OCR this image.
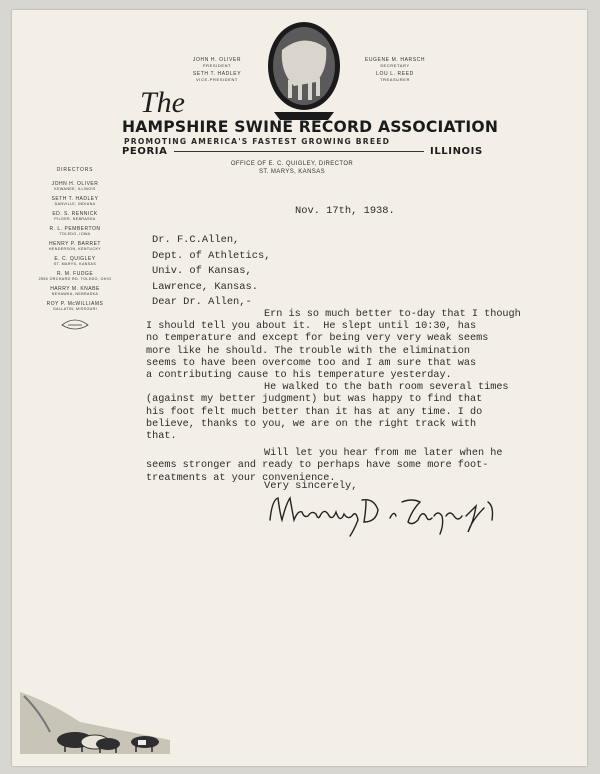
JOHN H. OLIVER
PRESIDENT
SETH T. HADLEY
VICE-PRESIDENT
EUGENE M. HARSCH
SECRETARY
LOU L. REED
TREASURER
The
HAMPSHIRE SWINE RECORD ASSOCIATION
PROMOTING AMERICA'S FASTEST GROWING BREED
PEORIA	ILLINOIS
OFFICE OF E. C. QUIGLEY, DIRECTOR
ST. MARYS, KANSAS
DIRECTORS
JOHN H. OLIVER
KEWANEE, ILLINOIS
SETH T. HADLEY
DANVILLE, INDIANA
ED. S. RENNICK
PILGER, NEBRASKA
R. L. PEMBERTON
TOLEDO, IOWA
HENRY P. BARRET
HENDERSON, KENTUCKY
E. C. QUIGLEY
ST. MARYS, KANSAS
R. M. FUDGE
2550 ORCHARD RD. TOLEDO, OHIO
HARRY M. KNABE
NEHAWKA, NEBRASKA
ROY P. McWILLIAMS
GALLATIN, MISSOURI
Nov. 17th, 1938.
Dr. F.C.Allen,
Dept. of Athletics,
Univ. of Kansas,
Lawrence, Kansas.
Dear Dr. Allen,-
Ern is so much better to-day that I though
I should tell you about it.  He slept until 10:30, has
no temperature and except for being very very weak seems
more like he should. The trouble with the elimination
seems to have been overcome too and I am sure that was
a contributing cause to his temperature yesterday.
He walked to the bath room several times
(against my better judgment) but was happy to find that
his foot felt much better than it has at any time. I do
believe, thanks to you, we are on the right track with
that.
Will let you hear from me later when he
seems stronger and ready to perhaps have some more foot-
treatments at your convenience.
Very sincerely,
